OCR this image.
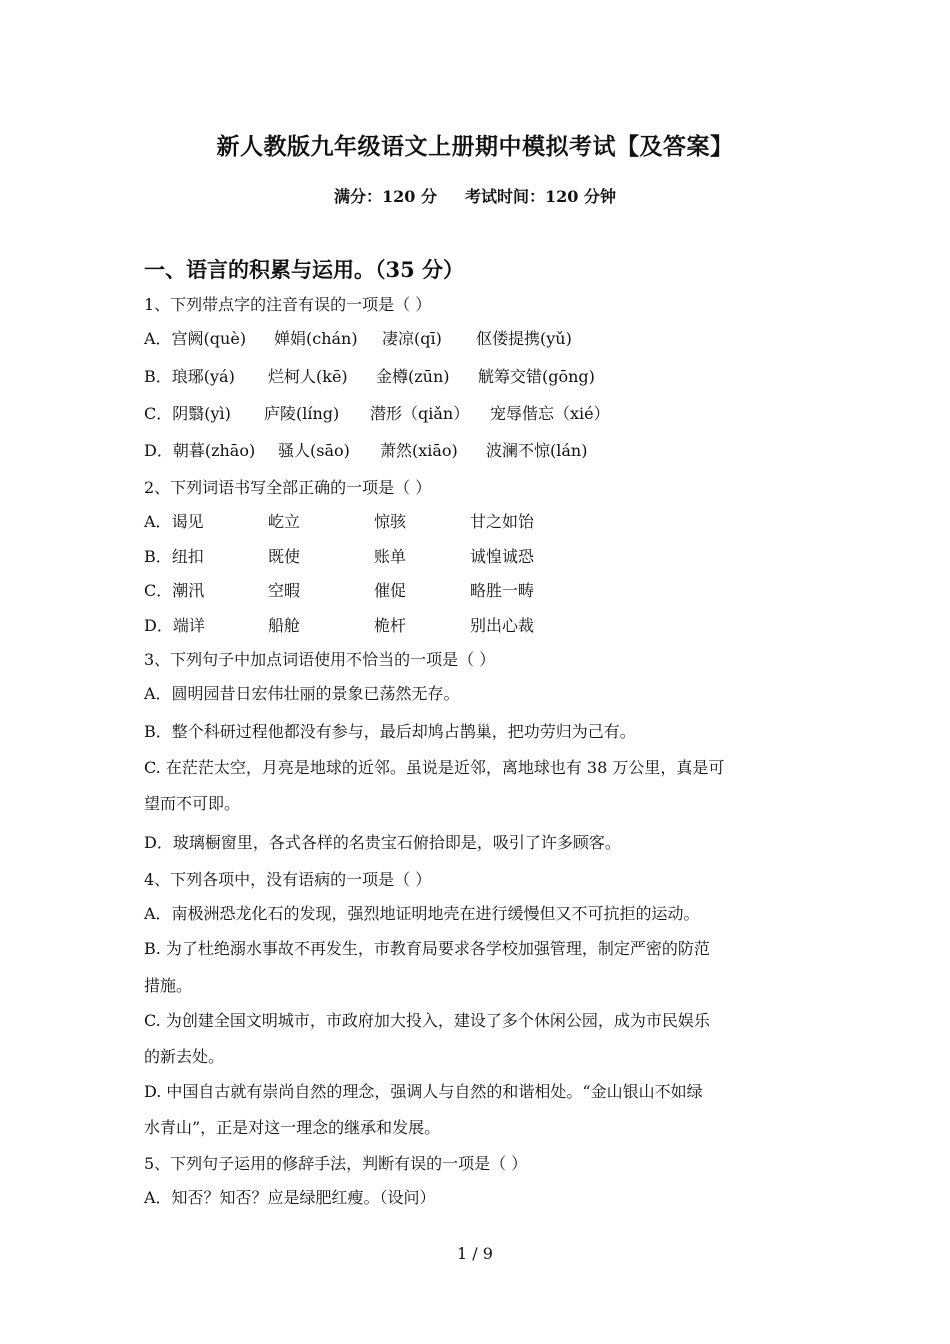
新人教版九年级语文上册期中模拟考试【及答案】
满分：120 分 考试时间：120 分钟
一、语言的积累与运用。（35 分）
1、下列带点字的注音有误的一项是（ ）
A．宫阙(què) 婵娟(chán) 凄凉(qī) 伛偻提携(yǔ)
B．琅琊(yá) 烂柯人(kē) 金樽(zūn) 觥筹交错(gōng)
C．阴翳(yì) 庐陵(líng) 潜形（qiǎn） 宠辱偕忘（xié）
D．朝暮(zhāo) 骚人(sāo) 萧然(xiāo) 波澜不惊(lán)
2、下列词语书写全部正确的一项是（ ）
A．谒见	屹立	惊骇	甘之如饴
B．纽扣	既使	账单	诚惶诚恐
C．潮汛	空暇	催促	略胜一畴
D．端详	船舱	桅杆	别出心裁
3、下列句子中加点词语使用不恰当的一项是（ ）
A．圆明园昔日宏伟壮丽的景象已荡然无存。
B．整个科研过程他都没有参与，最后却鸠占鹊巢，把功劳归为己有。
C. 在茫茫太空，月亮是地球的近邻。虽说是近邻，离地球也有 38 万公里，真是可
望而不可即。
D．玻璃橱窗里，各式各样的名贵宝石俯拾即是，吸引了许多顾客。
4、下列各项中，没有语病的一项是（ ）
A．南极洲恐龙化石的发现，强烈地证明地壳在进行缓慢但又不可抗拒的运动。
B. 为了杜绝溺水事故不再发生，市教育局要求各学校加强管理，制定严密的防范
措施。
C. 为创建全国文明城市，市政府加大投入，建设了多个休闲公园，成为市民娱乐
的新去处。
D. 中国自古就有崇尚自然的理念，强调人与自然的和谐相处。“金山银山不如绿
水青山”，正是对这一理念的继承和发展。
5、下列句子运用的修辞手法，判断有误的一项是（ ）
A．知否？知否？应是绿肥红瘦。（设问）
1 / 9
